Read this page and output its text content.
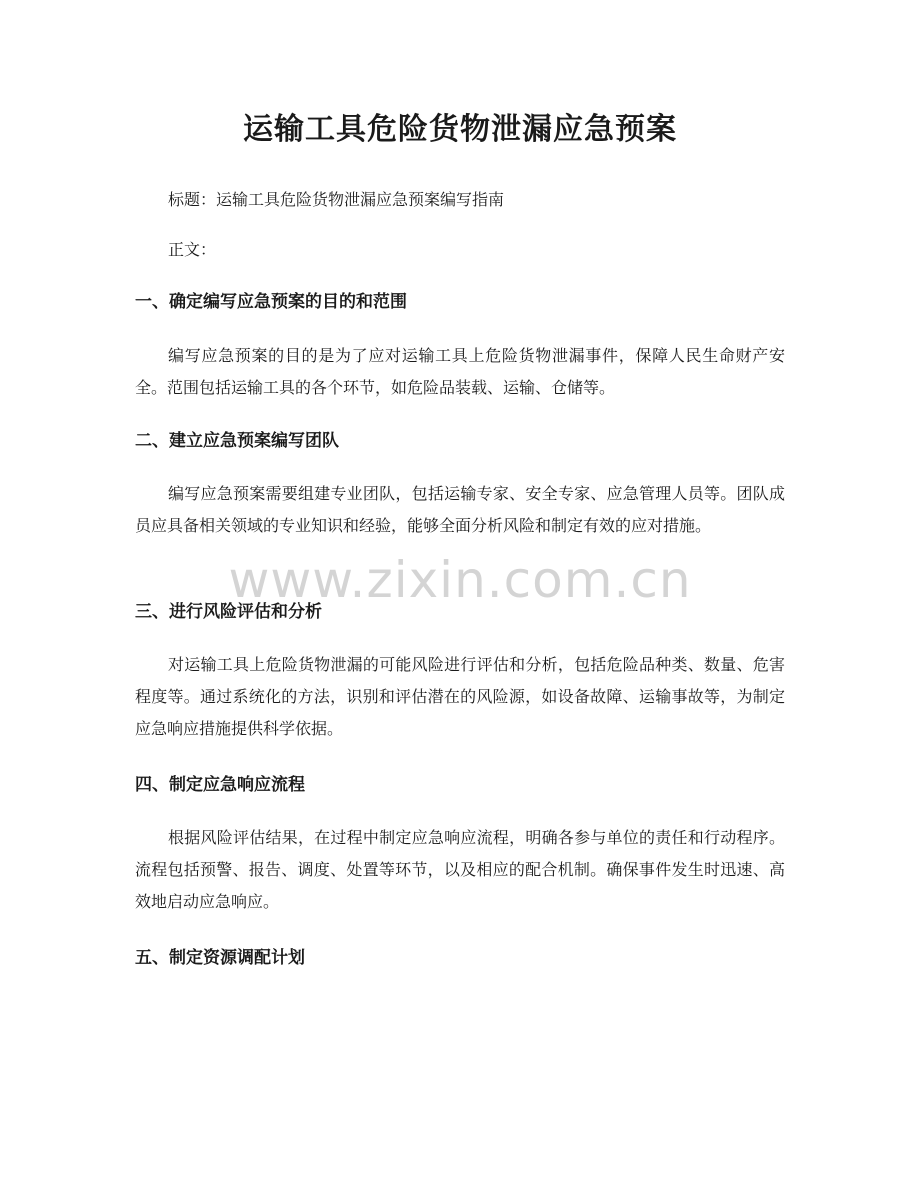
运输工具危险货物泄漏应急预案

标题：运输工具危险货物泄漏应急预案编写指南

正文：

一、确定编写应急预案的目的和范围

编写应急预案的目的是为了应对运输工具上危险货物泄漏事件，保障人民生命财产安全。范围包括运输工具的各个环节，如危险品装载、运输、仓储等。

二、建立应急预案编写团队

编写应急预案需要组建专业团队，包括运输专家、安全专家、应急管理人员等。团队成员应具备相关领域的专业知识和经验，能够全面分析风险和制定有效的应对措施。

三、进行风险评估和分析

对运输工具上危险货物泄漏的可能风险进行评估和分析，包括危险品种类、数量、危害程度等。通过系统化的方法，识别和评估潜在的风险源，如设备故障、运输事故等，为制定应急响应措施提供科学依据。

四、制定应急响应流程

根据风险评估结果，在过程中制定应急响应流程，明确各参与单位的责任和行动程序。流程包括预警、报告、调度、处置等环节，以及相应的配合机制。确保事件发生时迅速、高效地启动应急响应。

五、制定资源调配计划
www.zixin.com.cn
